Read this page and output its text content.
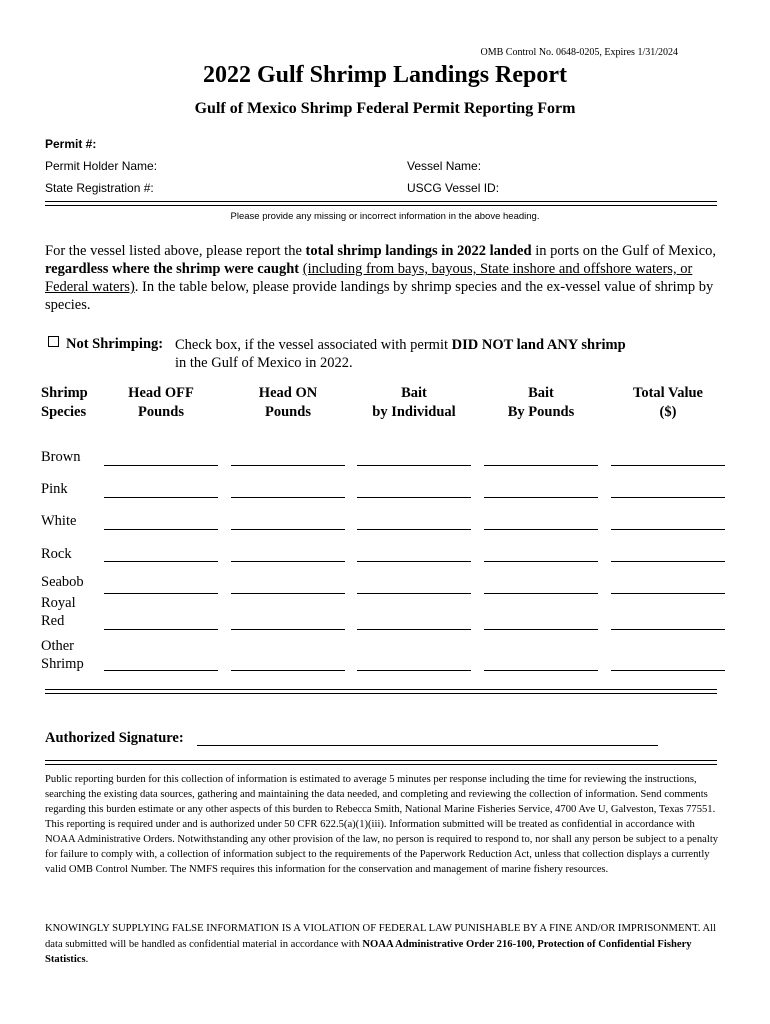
OMB Control No. 0648-0205, Expires 1/31/2024
2022 Gulf Shrimp Landings Report
Gulf of Mexico Shrimp Federal Permit Reporting Form
Permit #:
Permit Holder Name:	Vessel Name:
State Registration #:	USCG Vessel ID:
Please provide any missing or incorrect information in the above heading.
For the vessel listed above, please report the total shrimp landings in 2022 landed in ports on the Gulf of Mexico, regardless where the shrimp were caught (including from bays, bayous, State inshore and offshore waters, or Federal waters). In the table below, please provide landings by shrimp species and the ex-vessel value of shrimp by species.
Not Shrimping: Check box, if the vessel associated with permit DID NOT land ANY shrimp
in the Gulf of Mexico in 2022.
Shrimp
Species
Head OFF
Pounds
Head ON
Pounds
Bait
by Individual
Bait
By Pounds
Total Value
($)
Brown
Pink
White
Rock
Seabob
Royal
Red
Other
Shrimp
Authorized Signature:
Public reporting burden for this collection of information is estimated to average 5 minutes per response including the time for reviewing the instructions, searching the existing data sources, gathering and maintaining the data needed, and completing and reviewing the collection of information. Send comments regarding this burden estimate or any other aspects of this burden to Rebecca Smith, National Marine Fisheries Service, 4700 Ave U, Galveston, Texas 77551. This reporting is required under and is authorized under 50 CFR 622.5(a)(1)(iii). Information submitted will be treated as confidential in accordance with NOAA Administrative Orders. Notwithstanding any other provision of the law, no person is required to respond to, nor shall any person be subject to a penalty for failure to comply with, a collection of information subject to the requirements of the Paperwork Reduction Act, unless that collection displays a currently valid OMB Control Number. The NMFS requires this information for the conservation and management of marine fishery resources.
KNOWINGLY SUPPLYING FALSE INFORMATION IS A VIOLATION OF FEDERAL LAW PUNISHABLE BY A FINE AND/OR IMPRISONMENT. All data submitted will be handled as confidential material in accordance with NOAA Administrative Order 216-100, Protection of Confidential Fishery Statistics.
